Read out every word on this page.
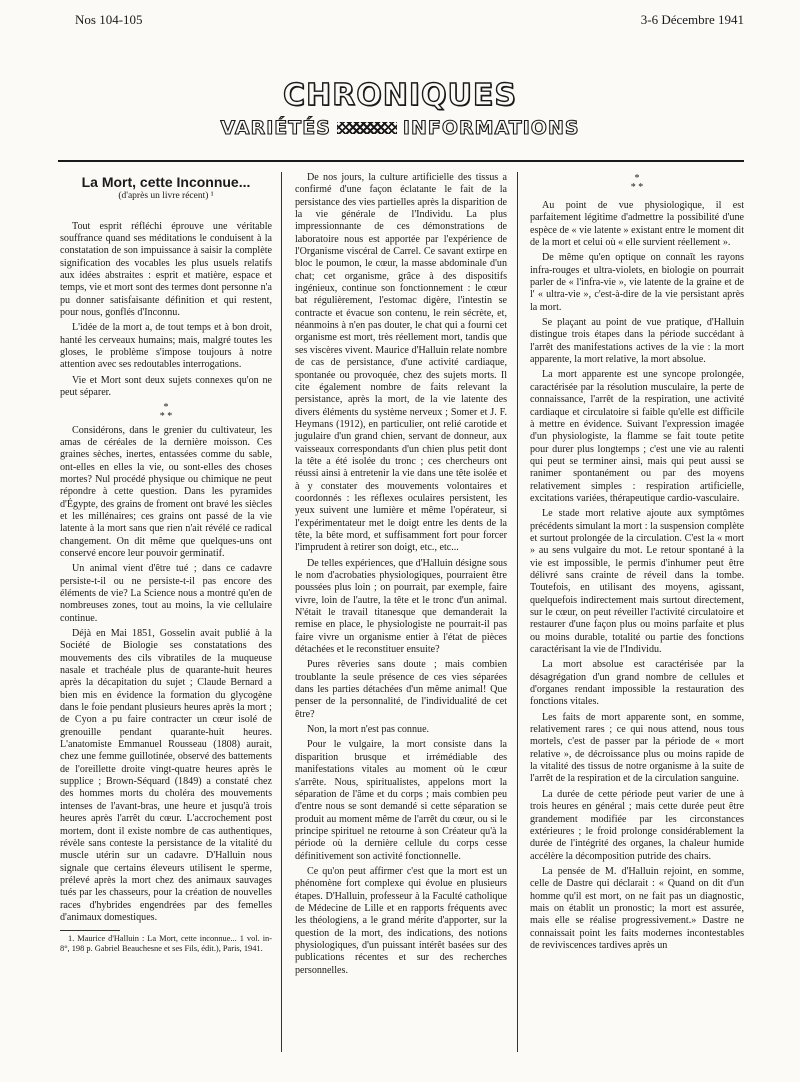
Nos 104-105	3-6 Décembre 1941
CHRONIQUES
VARIÉTÉS	INFORMATIONS
La Mort, cette Inconnue...
(d'après un livre récent) ¹

Tout esprit réfléchi éprouve une véritable souffrance quand ses méditations le conduisent à la constatation de son impuissance à saisir la complète signification des vocables les plus usuels relatifs aux idées abstraites : esprit et matière, espace et temps, vie et mort sont des termes dont personne n'a pu donner satisfaisante définition et qui restent, pour nous, gonflés d'Inconnu.

L'idée de la mort a, de tout temps et à bon droit, hanté les cerveaux humains; mais, malgré toutes les gloses, le problème s'impose toujours à notre attention avec ses redoutables interrogations.

Vie et Mort sont deux sujets connexes qu'on ne peut séparer.

*
* *

Considérons, dans le grenier du cultivateur, les amas de céréales de la dernière moisson. Ces graines sèches, inertes, entassées comme du sable, ont-elles en elles la vie, ou sont-elles des choses mortes? Nul procédé physique ou chimique ne peut répondre à cette question. Dans les pyramides d'Égypte, des grains de froment ont bravé les siècles et les millénaires; ces grains ont passé de la vie latente à la mort sans que rien n'ait révélé ce radical changement. On dit même que quelques-uns ont conservé encore leur pouvoir germinatif.

Un animal vient d'être tué ; dans ce cadavre persiste-t-il ou ne persiste-t-il pas encore des éléments de vie? La Science nous a montré qu'en de nombreuses zones, tout au moins, la vie cellulaire continue.

Déjà en Mai 1851, Gosselin avait publié à la Société de Biologie ses constatations des mouvements des cils vibratiles de la muqueuse nasale et trachéale plus de quarante-huit heures après la décapitation du sujet ; Claude Bernard a bien mis en évidence la formation du glycogène dans le foie pendant plusieurs heures après la mort ; de Cyon a pu faire contracter un cœur isolé de grenouille pendant quarante-huit heures. L'anatomiste Emmanuel Rousseau (1808) aurait, chez une femme guillotinée, observé des battements de l'oreillette droite vingt-quatre heures après le supplice ; Brown-Séquard (1849) a constaté chez des hommes morts du choléra des mouvements intenses de l'avant-bras, une heure et jusqu'à trois heures après l'arrêt du cœur. L'accrochement post mortem, dont il existe nombre de cas authentiques, révèle sans conteste la persistance de la vitalité du muscle utérin sur un cadavre. D'Halluin nous signale que certains éleveurs utilisent le sperme, prélevé après la mort chez des animaux sauvages tués par les chasseurs, pour la création de nouvelles races d'hybrides engendrées par des femelles d'animaux domestiques.

1. Maurice d'Halluin : La Mort, cette inconnue... 1 vol. in-8°, 198 p. Gabriel Beauchesne et ses Fils, édit.), Paris, 1941.

De nos jours, la culture artificielle des tissus a confirmé d'une façon éclatante le fait de la persistance des vies partielles après la disparition de la vie générale de l'Individu. La plus impressionnante de ces démonstrations de laboratoire nous est apportée par l'expérience de l'Organisme viscéral de Carrel. Ce savant extirpe en bloc le poumon, le cœur, la masse abdominale d'un chat; cet organisme, grâce à des dispositifs ingénieux, continue son fonctionnement : le cœur bat régulièrement, l'estomac digère, l'intestin se contracte et évacue son contenu, le rein sécrète, et, néanmoins à n'en pas douter, le chat qui a fourni cet organisme est mort, très réellement mort, tandis que ses viscères vivent. Maurice d'Halluin relate nombre de cas de persistance, d'une activité cardiaque, spontanée ou provoquée, chez des sujets morts. Il cite également nombre de faits relevant la persistance, après la mort, de la vie latente des divers éléments du système nerveux ; Somer et J. F. Heymans (1912), en particulier, ont relié carotide et jugulaire d'un grand chien, servant de donneur, aux vaisseaux correspondants d'un chien plus petit dont la tête a été isolée du tronc ; ces chercheurs ont réussi ainsi à entretenir la vie dans une tête isolée et à y constater des mouvements volontaires et coordonnés : les réflexes oculaires persistent, les yeux suivent une lumière et même l'opérateur, si l'expérimentateur met le doigt entre les dents de la tête, la bête mord, et suffisamment fort pour forcer l'imprudent à retirer son doigt, etc., etc...

De telles expériences, que d'Halluin désigne sous le nom d'acrobaties physiologiques, pourraient être poussées plus loin ; on pourrait, par exemple, faire vivre, loin de l'autre, la tête et le tronc d'un animal. N'était le travail titanesque que demanderait la remise en place, le physiologiste ne pourrait-il pas faire vivre un organisme entier à l'état de pièces détachées et le reconstituer ensuite?

Pures rêveries sans doute ; mais combien troublante la seule présence de ces vies séparées dans les parties détachées d'un même animal! Que penser de la personnalité, de l'individualité de cet être?

Non, la mort n'est pas connue.

Pour le vulgaire, la mort consiste dans la disparition brusque et irrémédiable des manifestations vitales au moment où le cœur s'arrête. Nous, spiritualistes, appelons mort la séparation de l'âme et du corps ; mais combien peu d'entre nous se sont demandé si cette séparation se produit au moment même de l'arrêt du cœur, ou si le principe spirituel ne retourne à son Créateur qu'à la période où la dernière cellule du corps cesse définitivement son activité fonctionnelle.

Ce qu'on peut affirmer c'est que la mort est un phénomène fort complexe qui évolue en plusieurs étapes. D'Halluin, professeur à la Faculté catholique de Médecine de Lille et en rapports fréquents avec les théologiens, a le grand mérite d'apporter, sur la question de la mort, des indications, des notions physiologiques, d'un puissant intérêt basées sur des publications récentes et sur des recherches personnelles.

*
* *

Au point de vue physiologique, il est parfaitement légitime d'admettre la possibilité d'une espèce de « vie latente » existant entre le moment dit de la mort et celui où « elle survient réellement ».

De même qu'en optique on connaît les rayons infra-rouges et ultra-violets, en biologie on pourrait parler de « l'infra-vie », vie latente de la graine et de l' « ultra-vie », c'est-à-dire de la vie persistant après la mort.

Se plaçant au point de vue pratique, d'Halluin distingue trois étapes dans la période succédant à l'arrêt des manifestations actives de la vie : la mort apparente, la mort relative, la mort absolue.

La mort apparente est une syncope prolongée, caractérisée par la résolution musculaire, la perte de connaissance, l'arrêt de la respiration, une activité cardiaque et circulatoire si faible qu'elle est difficile à mettre en évidence. Suivant l'expression imagée d'un physiologiste, la flamme se fait toute petite pour durer plus longtemps ; c'est une vie au ralenti qui peut se terminer ainsi, mais qui peut aussi se ranimer spontanément ou par des moyens relativement simples : respiration artificielle, excitations variées, thérapeutique cardio-vasculaire.

Le stade mort relative ajoute aux symptômes précédents simulant la mort : la suspension complète et surtout prolongée de la circulation. C'est la « mort » au sens vulgaire du mot. Le retour spontané à la vie est impossible, le permis d'inhumer peut être délivré sans crainte de réveil dans la tombe. Toutefois, en utilisant des moyens, agissant, quelquefois indirectement mais surtout directement, sur le cœur, on peut réveiller l'activité circulatoire et restaurer d'une façon plus ou moins parfaite et plus ou moins durable, totalité ou partie des fonctions caractérisant la vie de l'Individu.

La mort absolue est caractérisée par la désagrégation d'un grand nombre de cellules et d'organes rendant impossible la restauration des fonctions vitales.

Les faits de mort apparente sont, en somme, relativement rares ; ce qui nous attend, nous tous mortels, c'est de passer par la période de « mort relative », de décroissance plus ou moins rapide de la vitalité des tissus de notre organisme à la suite de l'arrêt de la respiration et de la circulation sanguine.

La durée de cette période peut varier de une à trois heures en général ; mais cette durée peut être grandement modifiée par les circonstances extérieures ; le froid prolonge considérablement la durée de l'intégrité des organes, la chaleur humide accélère la décomposition putride des chairs.

La pensée de M. d'Halluin rejoint, en somme, celle de Dastre qui déclarait : « Quand on dit d'un homme qu'il est mort, on ne fait pas un diagnostic, mais on établit un pronostic; la mort est assurée, mais elle se réalise progressivement.» Dastre ne connaissait point les faits modernes incontestables de reviviscences tardives après un
